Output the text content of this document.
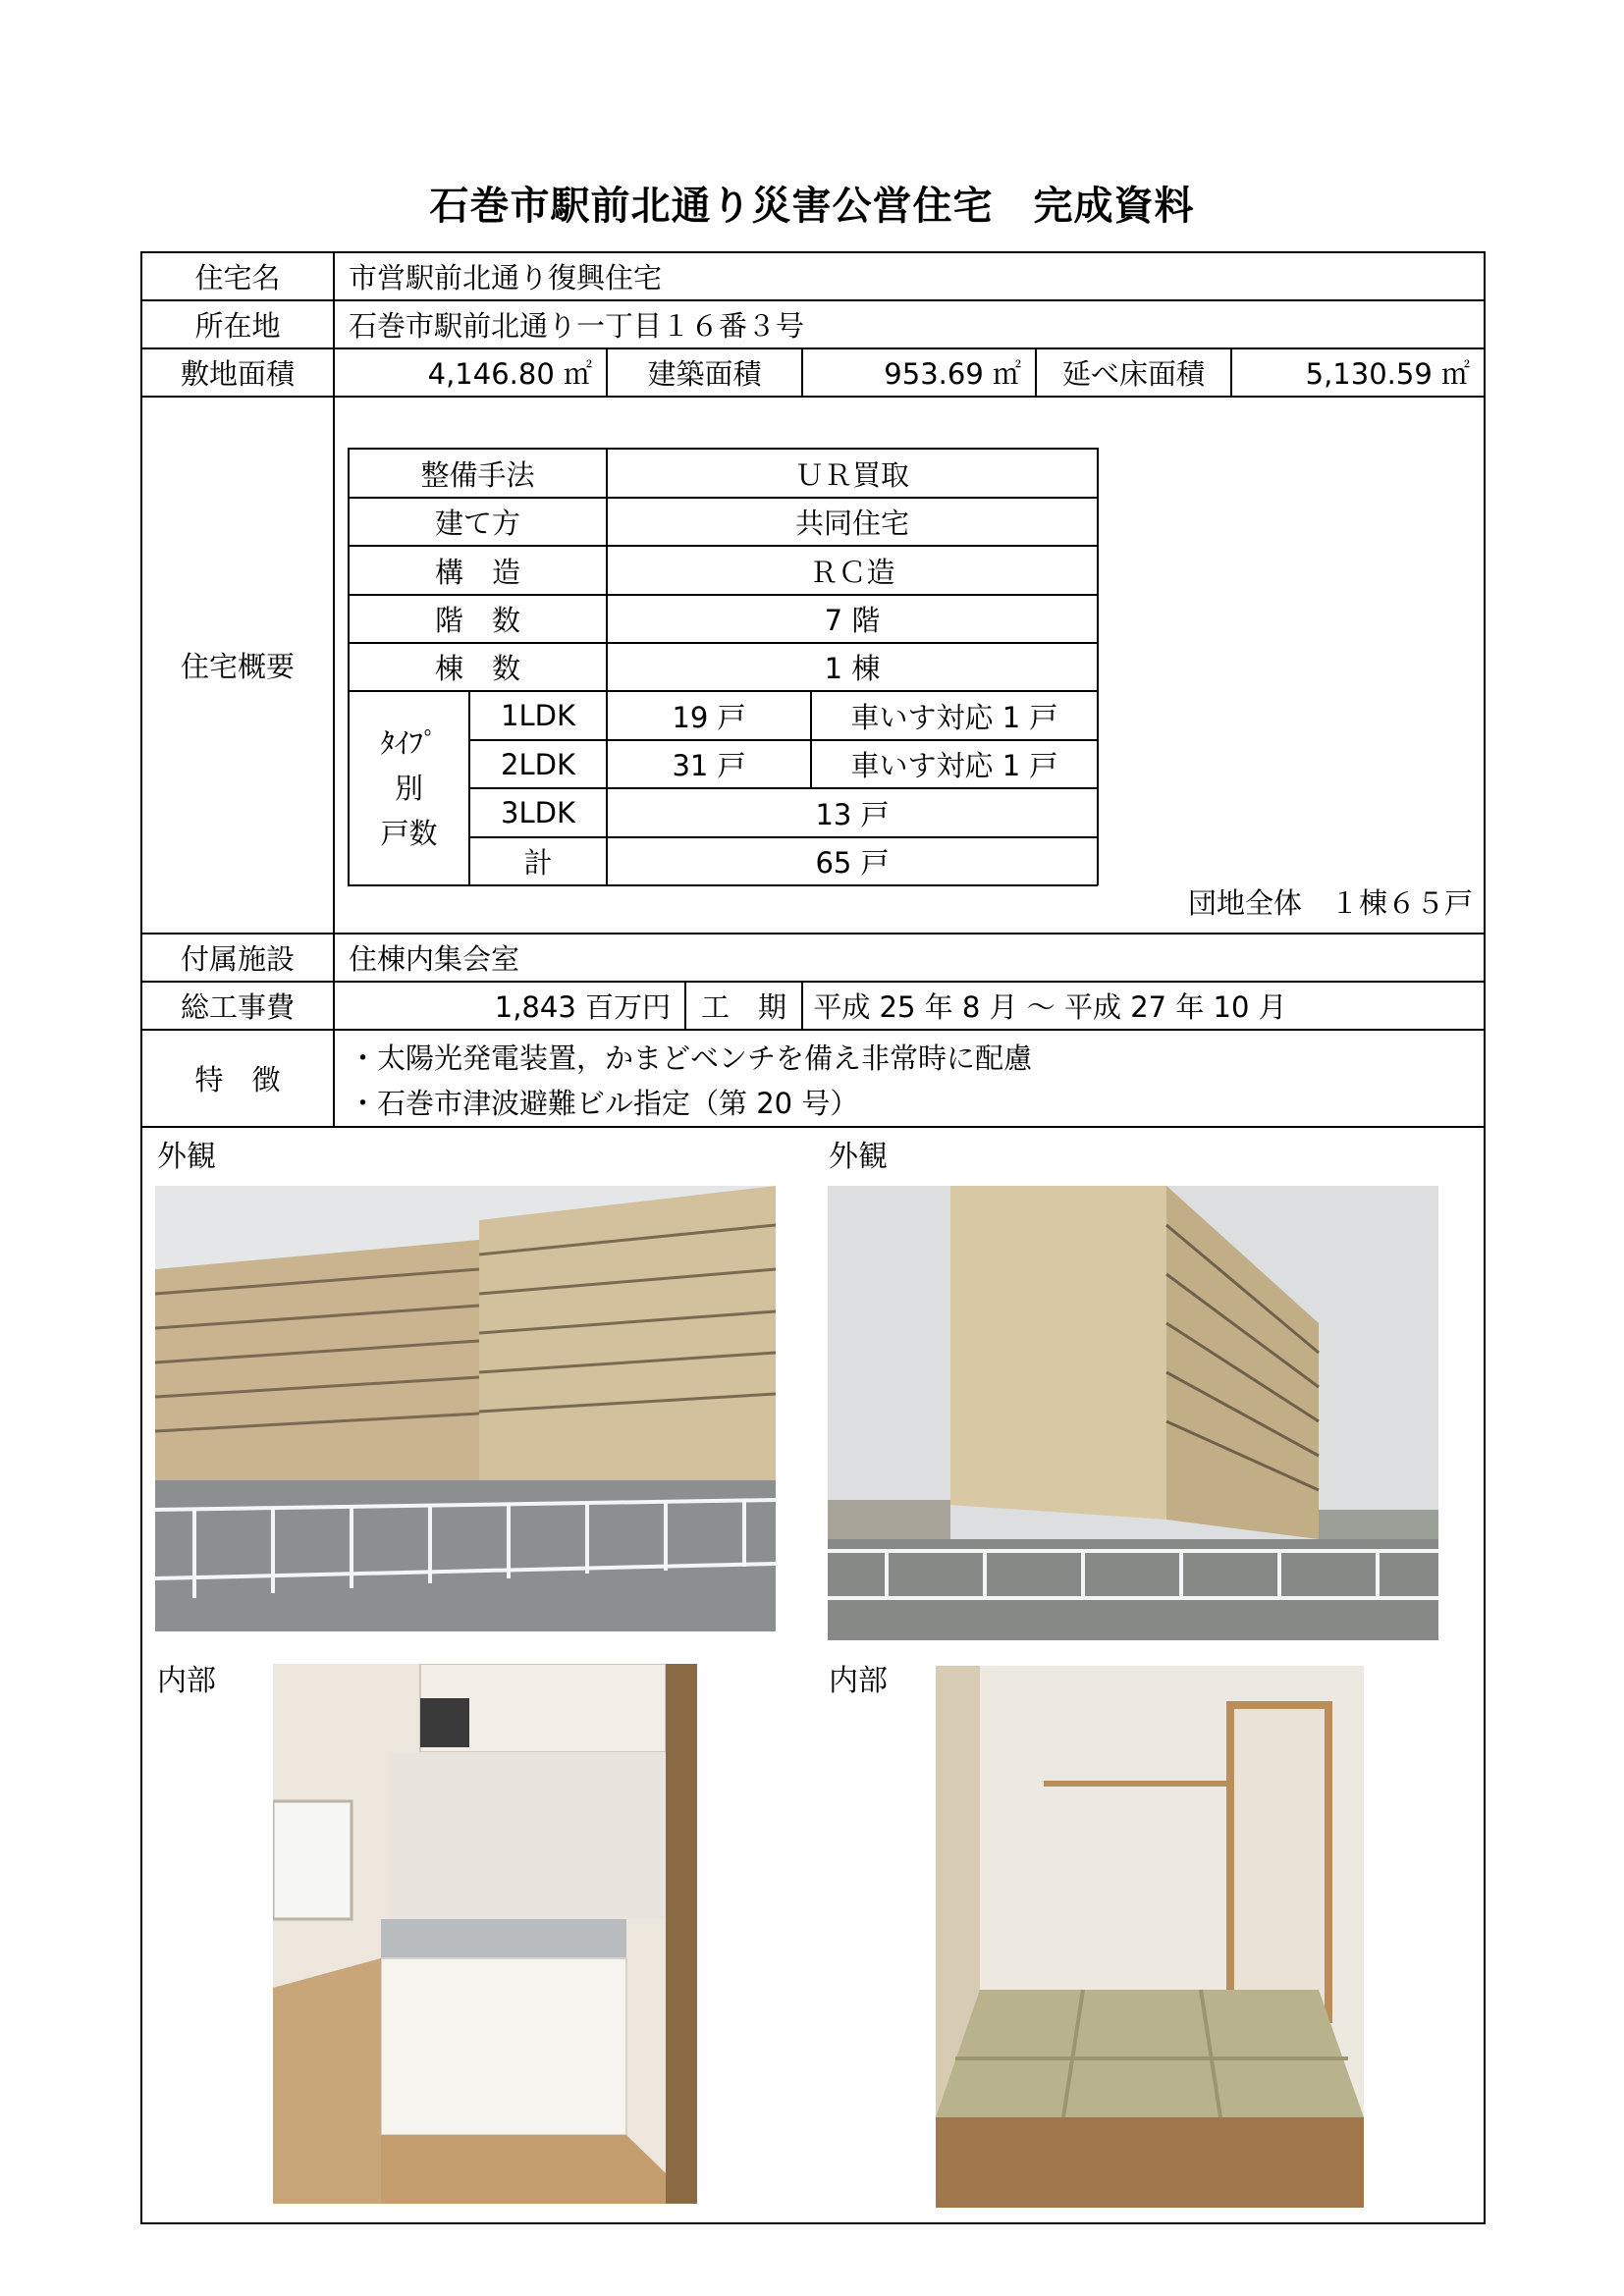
石巻市駅前北通り災害公営住宅　完成資料
住宅名	市営駅前北通り復興住宅
所在地	石巻市駅前北通り一丁目１６番３号
敷地面積	4,146.80 ㎡	建築面積	953.69 ㎡	延べ床面積	5,130.59 ㎡
住宅概要
整備手法	ＵＲ買取
建て方	共同住宅
構　造	ＲＣ造
階　数	7 階
棟　数	1 棟
ﾀｲﾌﾟ
別
戸数
1LDK	19 戸	車いす対応 1 戸
2LDK	31 戸	車いす対応 1 戸
3LDK	13 戸
計	65 戸
団地全体　１棟６５戸
付属施設	住棟内集会室
総工事費	1,843 百万円	工　期 平成 25 年 8 月 〜 平成 27 年 10 月
特　徴
・太陽光発電装置，かまどベンチを備え非常時に配慮
・石巻市津波避難ビル指定（第 20 号）
外観	外観
内部	内部
